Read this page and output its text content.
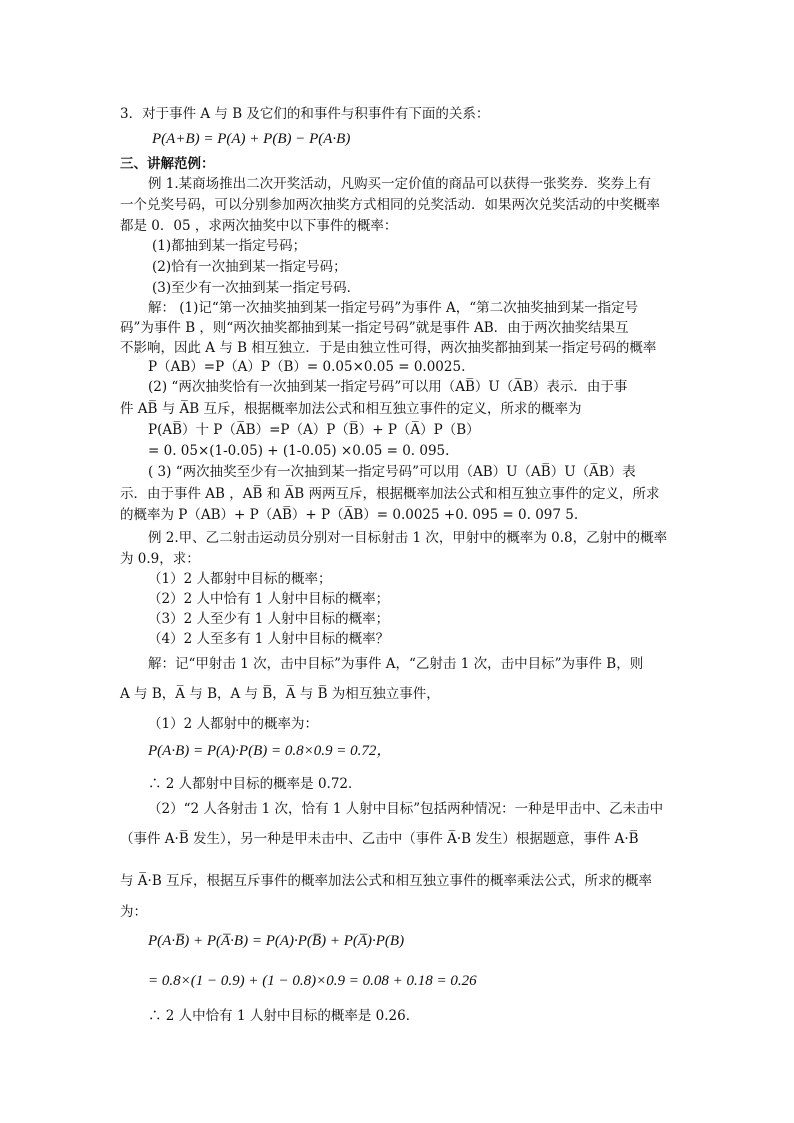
3．对于事件 A 与 B 及它们的和事件与积事件有下面的关系：
P(A+B) = P(A) + P(B) − P(A·B)
三、讲解范例：
例 1.某商场推出二次开奖活动，凡购买一定价值的商品可以获得一张奖券．奖券上有
一个兑奖号码，可以分别参加两次抽奖方式相同的兑奖活动．如果两次兑奖活动的中奖概率
都是 0．05 ，求两次抽奖中以下事件的概率：
(1)都抽到某一指定号码；
(2)恰有一次抽到某一指定号码；
(3)至少有一次抽到某一指定号码．
解： (1)记“第一次抽奖抽到某一指定号码”为事件 A，“第二次抽奖抽到某一指定号
码”为事件 B ，则“两次抽奖都抽到某一指定号码”就是事件 AB．由于两次抽奖结果互
不影响，因此 A 与 B 相互独立．于是由独立性可得，两次抽奖都抽到某一指定号码的概率
P（AB）=P（A）P（B）= 0.05×0.05 = 0.0025.
(2) “两次抽奖恰有一次抽到某一指定号码”可以用（AB̅）U（A̅B）表示．由于事
件 AB̅ 与 A̅B 互斥，根据概率加法公式和相互独立事件的定义，所求的概率为
P(AB̅）十 P（A̅B）=P（A）P（B̅）+ P（A̅）P（B）
= 0. 05×(1-0.05) + (1-0.05) ×0.05 = 0. 095.
( 3) “两次抽奖至少有一次抽到某一指定号码”可以用（AB）U（AB̅）U（A̅B）表
示．由于事件 AB ，AB̅ 和 A̅B 两两互斥，根据概率加法公式和相互独立事件的定义，所求
的概率为 P（AB）+ P（AB̅）+ P（A̅B）= 0.0025 +0. 095 = 0. 097 5.
例 2.甲、乙二射击运动员分别对一目标射击 1 次，甲射中的概率为 0.8，乙射中的概率
为 0.9，求：
（1）2 人都射中目标的概率；
（2）2 人中恰有 1 人射中目标的概率；
（3）2 人至少有 1 人射中目标的概率；
（4）2 人至多有 1 人射中目标的概率？
解：记“甲射击 1 次，击中目标”为事件 A，“乙射击 1 次，击中目标”为事件 B，则
A 与 B，A̅ 与 B，A 与 B̅，A̅ 与 B̅ 为相互独立事件，
（1）2 人都射中的概率为：
P(A·B) = P(A)·P(B) = 0.8×0.9 = 0.72，
∴ 2 人都射中目标的概率是 0.72．
（2）“2 人各射击 1 次，恰有 1 人射中目标”包括两种情况：一种是甲击中、乙未击中
（事件 A·B̅ 发生），另一种是甲未击中、乙击中（事件 A̅·B 发生）根据题意，事件 A·B̅
与 A̅·B 互斥，根据互斥事件的概率加法公式和相互独立事件的概率乘法公式，所求的概率
为：
P(A·B̅) + P(A̅·B) = P(A)·P(B̅) + P(A̅)·P(B)
= 0.8×(1 − 0.9) + (1 − 0.8)×0.9 = 0.08 + 0.18 = 0.26
∴ 2 人中恰有 1 人射中目标的概率是 0.26．
